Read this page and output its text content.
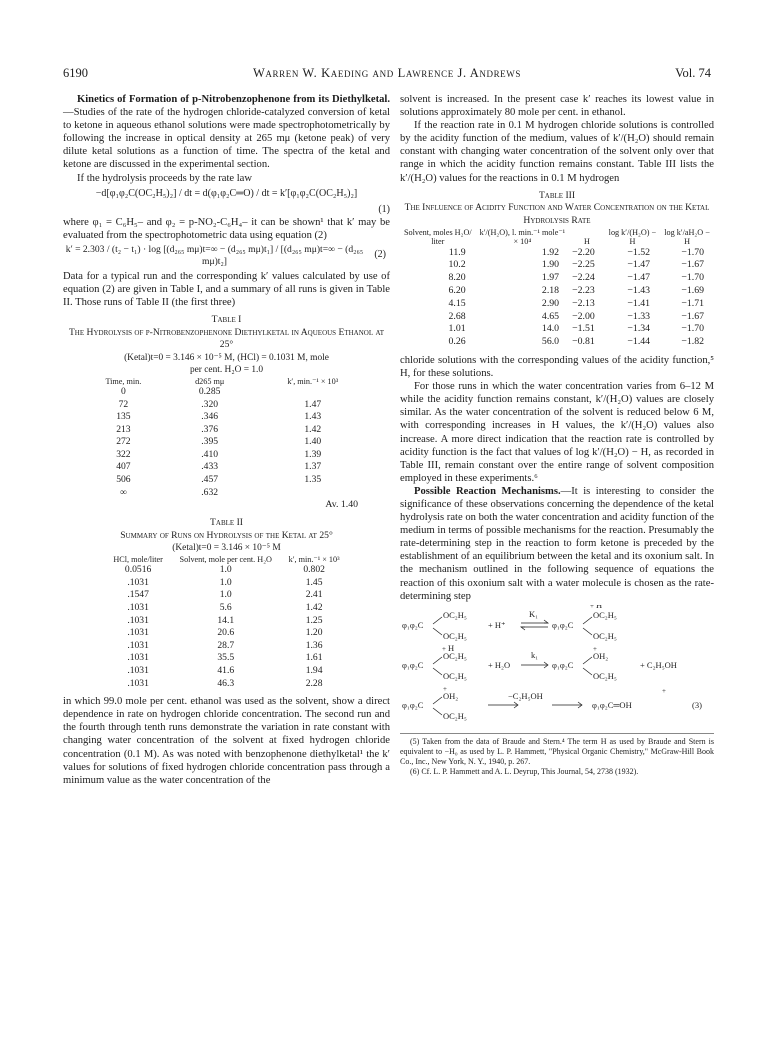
6190	Warren W. Kaeding and Lawrence J. Andrews	Vol. 74

Kinetics of Formation of p-Nitrobenzophenone from its Diethylketal.—Studies of the rate of the hydrogen chloride-catalyzed conversion of ketal to ketone in aqueous ethanol solutions were made spectrophotometrically by following the increase in optical density at 265 mμ (ketone peak) of very dilute ketal solutions as a function of time. The spectra of the ketal and ketone are discussed in the experimental section.

If the hydrolysis proceeds by the rate law

−d[φ₁φ₂C(OC₂H₅)₂] / dt = d(φ₁φ₂C═O) / dt = k′[φ₁φ₂C(OC₂H₅)₂]
(1)

where φ₁ = C₆H₅– and φ₂ = p-NO₂-C₆H₄– it can be shown¹ that k′ may be evaluated from the spectrophotometric data using equation (2)

k′ = 2.303 / (t₂ − t₁) · log [(d₂₆₅ mμ)t=∞ − (d₂₆₅ mμ)t₁] / [(d₂₆₅ mμ)t=∞ − (d₂₆₅ mμ)t₂]
(2)

Data for a typical run and the corresponding k′ values calculated by use of equation (2) are given in Table I, and a summary of all runs is given in Table II. Those runs of Table II (the first three)

Table I
The Hydrolysis of p-Nitrobenzophenone Diethylketal in Aqueous Ethanol at 25°
(Ketal)t=0 = 3.146 × 10⁻⁵ M, (HCl) = 0.1031 M, mole
per cent. H₂O = 1.0
Time, min.	d265 mμ	k′, min.⁻¹ × 10³
0	0.285	
72	.320	1.47
135	.346	1.43
213	.376	1.42
272	.395	1.40
322	.410	1.39
407	.433	1.37
506	.457	1.35
∞	.632	
Av. 1.40
Table II
Summary of Runs on Hydrolysis of the Ketal at 25°
(Ketal)t=0 = 3.146 × 10⁻⁵ M
HCl, mole/liter	Solvent, mole per cent. H₂O	k′, min.⁻¹ × 10³
0.0516	1.0	0.802
.1031	1.0	1.45
.1547	1.0	2.41
.1031	5.6	1.42
.1031	14.1	1.25
.1031	20.6	1.20
.1031	28.7	1.36
.1031	35.5	1.61
.1031	41.6	1.94
.1031	46.3	2.28

in which 99.0 mole per cent. ethanol was used as the solvent, show a direct dependence in rate on hydrogen chloride concentration. The second run and the fourth through tenth runs demonstrate the variation in rate constant with changing water concentration of the solvent at fixed hydrogen chloride concentration (0.1 M). As was noted with benzophenone diethylketal¹ the k′ values for solutions of fixed hydrogen chloride concentration pass through a minimum value as the water concentration of the

solvent is increased. In the present case k′ reaches its lowest value in solutions approximately 80 mole per cent. in ethanol.

If the reaction rate in 0.1 M hydrogen chloride solutions is controlled by the acidity function of the medium, values of k′/(H₂O) should remain constant with changing water concentration of the solvent only over that range in which the acidity function remains constant. Table III lists the k′/(H₂O) values for the reactions in 0.1 M hydrogen

Table III
The Influence of Acidity Function and Water Concentration on the Ketal Hydrolysis Rate
Solvent, moles H₂O/ liter	k′/(H₂O), l. min.⁻¹ mole⁻¹ × 10⁴	H	log k′/(H₂O) − H	log k′/aH₂O − H
11.9	1.92	−2.20	−1.52	−1.70
10.2	1.90	−2.25	−1.47	−1.67
8.20	1.97	−2.24	−1.47	−1.70
6.20	2.18	−2.23	−1.43	−1.69
4.15	2.90	−2.13	−1.41	−1.71
2.68	4.65	−2.00	−1.33	−1.67
1.01	14.0	−1.51	−1.34	−1.70
0.26	56.0	−0.81	−1.44	−1.82

chloride solutions with the corresponding values of the acidity function,⁵ H, for these solutions.

For those runs in which the water concentration varies from 6–12 M while the acidity function remains constant, k′/(H₂O) values are closely similar. As the water concentration of the solvent is reduced below 6 M, with corresponding increases in H values, the k′/(H₂O) values also increase. A more direct indication that the reaction rate is controlled by acidity function is the fact that values of log k′/(H₂O) − H, as recorded in Table III, remain constant over the entire range of solvent composition employed in these experiments.⁶

Possible Reaction Mechanisms.—It is interesting to consider the significance of these observations concerning the dependence of the ketal hydrolysis rate on both the water concentration and acidity function of the medium in terms of possible mechanisms for the reaction. Presumably the rate-determining step in the reaction to form ketone is preceded by the establishment of an equilibrium between the ketal and its oxonium salt. In the mechanism outlined in the following sequence of equations the reaction of this oxonium salt with a water molecule is chosen as the rate-determining step

φ₁φ₂C
OC₂H₅
OC₂H₅
+ H⁺
K₁
φ₁φ₂C
H
+
OC₂H₅
OC₂H₅
H
+
φ₁φ₂C
OC₂H₅
OC₂H₅
+ H₂O
k₁
φ₁φ₂C
+
OH₂
OC₂H₅
+ C₂H₅OH
+
φ₁φ₂C
OH₂
OC₂H₅
−C₂H₅OH	+
φ₁φ₂C═OH	(3)

(5) Taken from the data of Braude and Stern.⁴ The term H as used by Braude and Stern is equivalent to −H₀ as used by L. P. Hammett, "Physical Organic Chemistry," McGraw-Hill Book Co., Inc., New York, N. Y., 1940, p. 267.

(6) Cf. L. P. Hammett and A. L. Deyrup, This Journal, 54, 2738 (1932).
